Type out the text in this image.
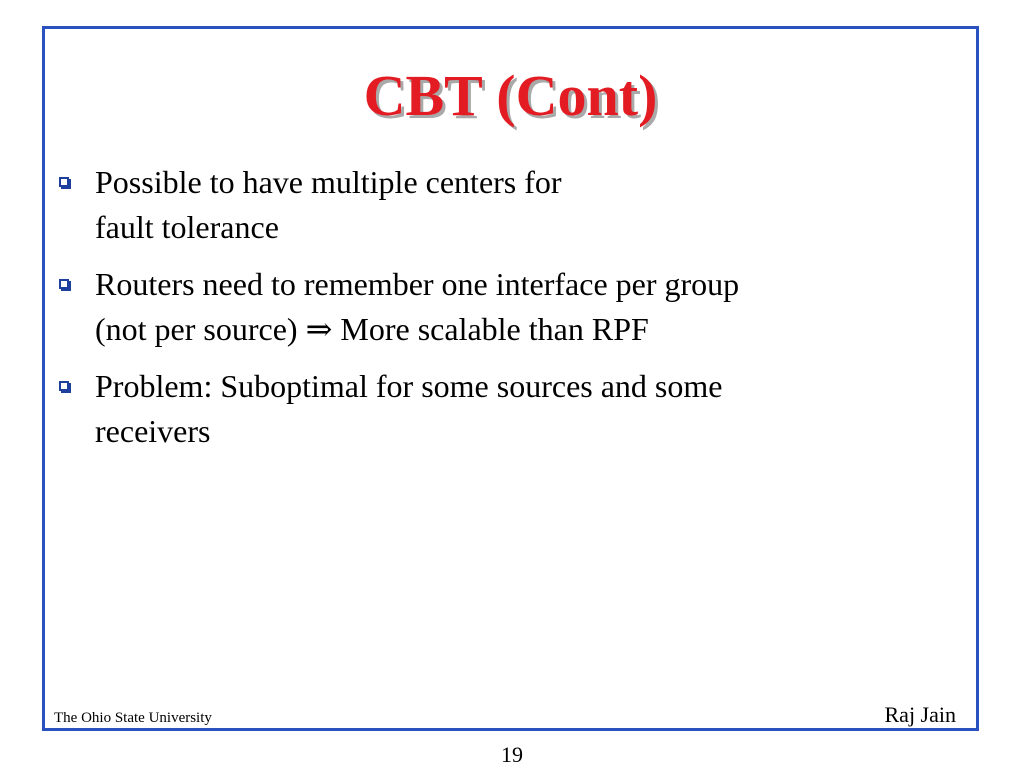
CBT (Cont)
Possible to have multiple centers for
fault tolerance
Routers need to remember one interface per group
(not per source) ⇒ More scalable than RPF
Problem: Suboptimal for some sources and some
receivers
The Ohio State University	Raj Jain
19
